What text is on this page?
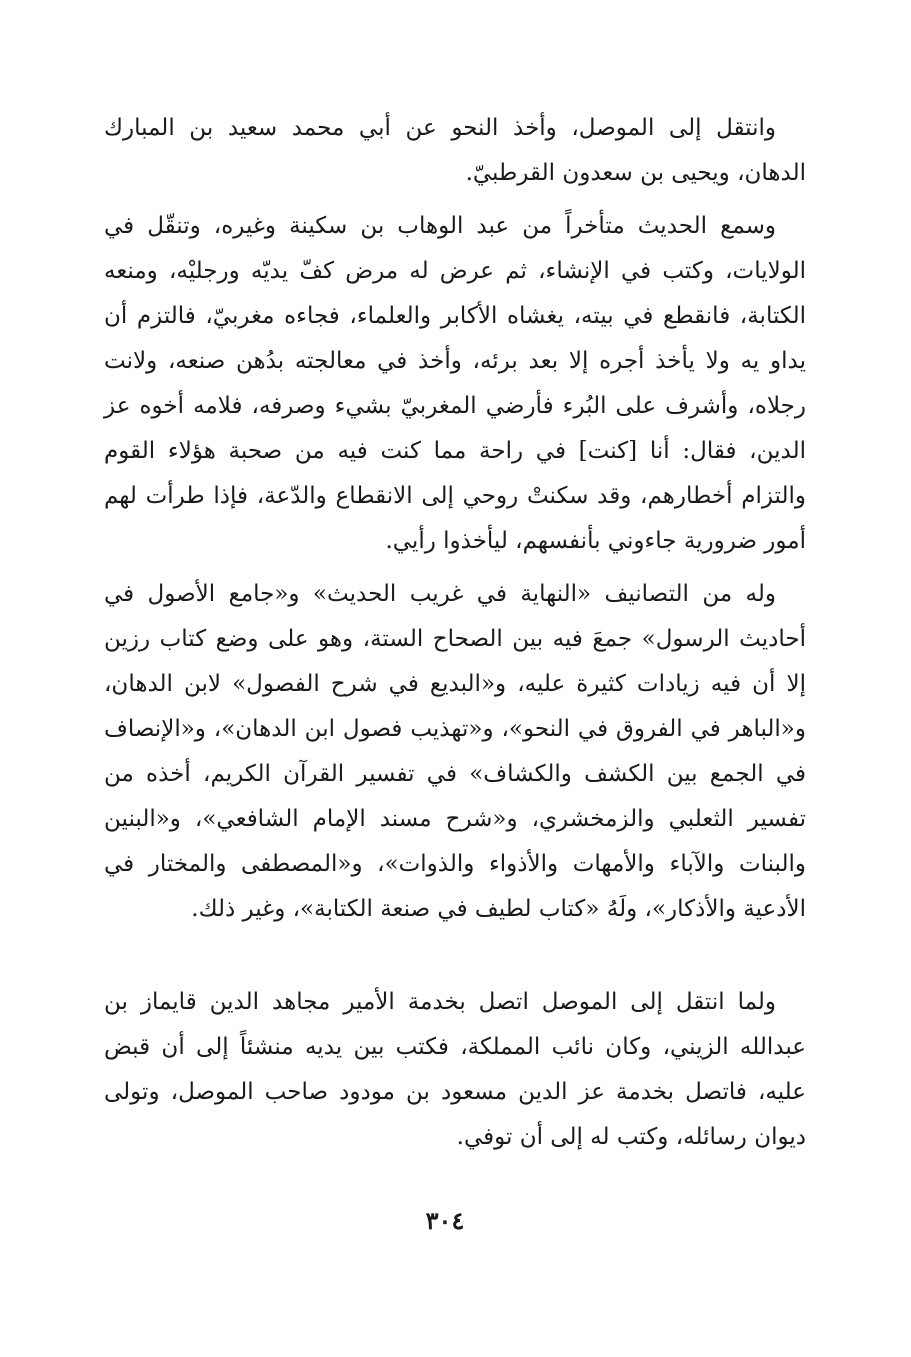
وانتقل إلى الموصل، وأخذ النحو عن أبي محمد سعيد بن المبارك الدهان، ويحيى بن سعدون القرطبيّ.

وسمع الحديث متأخراً من عبد الوهاب بن سكينة وغيره، وتنقّل في الولايات، وكتب في الإنشاء، ثم عرض له مرض كفّ يديّه ورجليْه، ومنعه الكتابة، فانقطع في بيته، يغشاه الأكابر والعلماء، فجاءه مغربيّ، فالتزم أن يداو يه ولا يأخذ أجره إلا بعد برئه، وأخذ في معالجته بدُهن صنعه، ولانت رجلاه، وأشرف على البُرء فأرضي المغربيّ بشيء وصرفه، فلامه أخوه عز الدين، فقال: أنا [كنت] في راحة مما كنت فيه من صحبة هؤلاء القوم والتزام أخطارهم، وقد سكنتْ روحي إلى الانقطاع والدّعة، فإذا طرأت لهم أمور ضرورية جاءوني بأنفسهم، ليأخذوا رأيي.

وله من التصانيف «النهاية في غريب الحديث» و«جامع الأصول في أحاديث الرسول» جمعَ فيه بين الصحاح الستة، وهو على وضع كتاب رزين إلا أن فيه زيادات كثيرة عليه، و«البديع في شرح الفصول» لابن الدهان، و«الباهر في الفروق في النحو»، و«تهذيب فصول ابن الدهان»، و«الإنصاف في الجمع بين الكشف والكشاف» في تفسير القرآن الكريم، أخذه من تفسير الثعلبي والزمخشري، و«شرح مسند الإمام الشافعي»، و«البنين والبنات والآباء والأمهات والأذواء والذوات»، و«المصطفى والمختار في الأدعية والأذكار»، ولَهُ «كتاب لطيف في صنعة الكتابة»، وغير ذلك.

ولما انتقل إلى الموصل اتصل بخدمة الأمير مجاهد الدين قايماز بن عبدالله الزيني، وكان نائب المملكة، فكتب بين يديه منشئاً إلى أن قبض عليه، فاتصل بخدمة عز الدين مسعود بن مودود صاحب الموصل، وتولى ديوان رسائله، وكتب له إلى أن توفي.

٣٠٤
